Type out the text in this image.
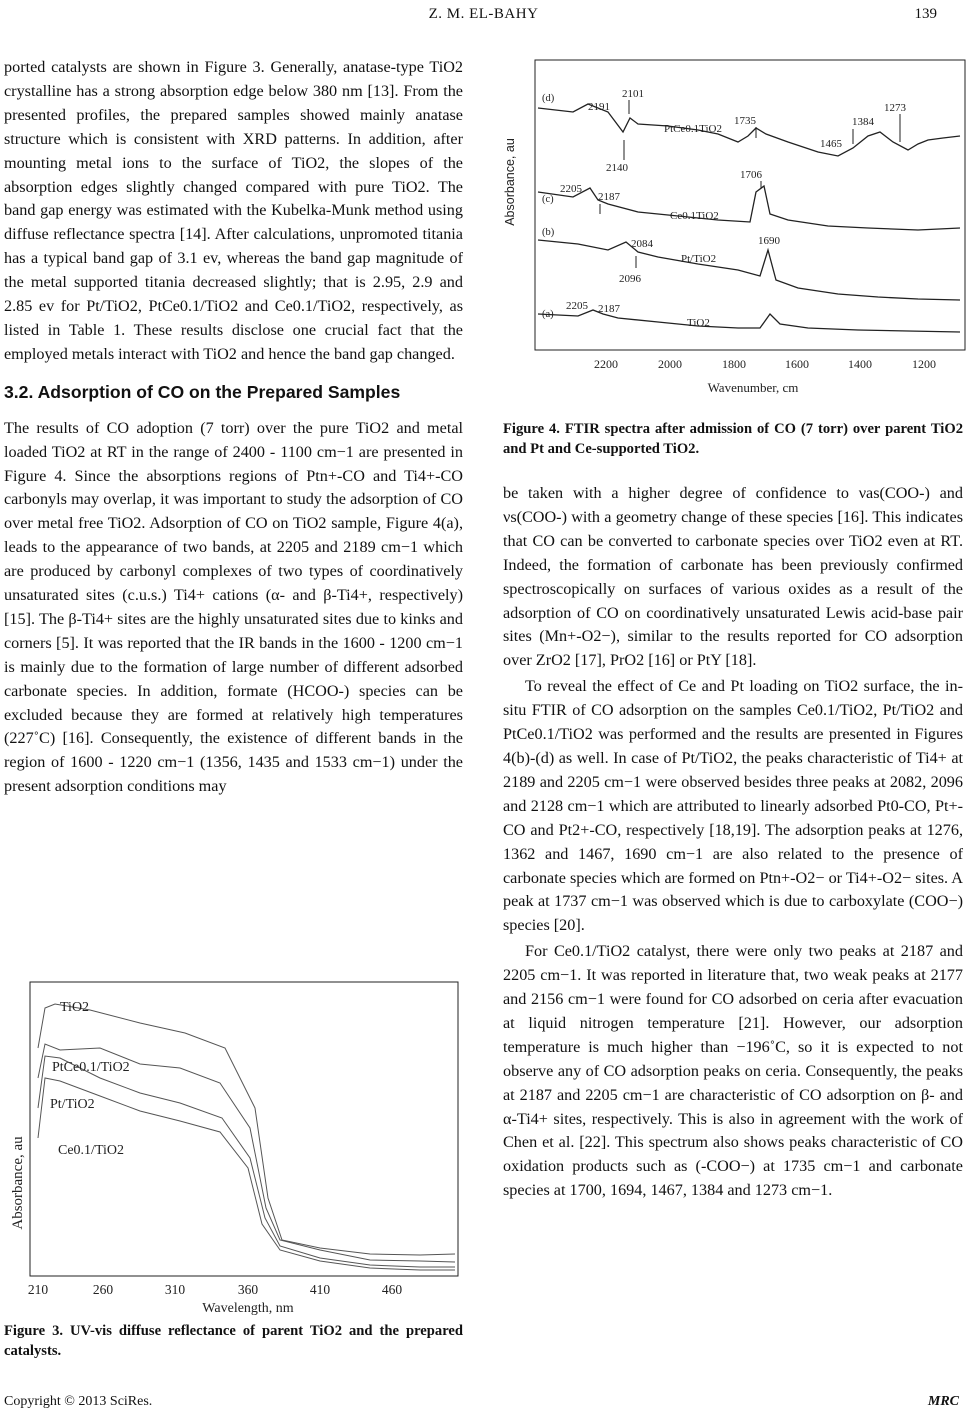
Z. M. EL-BAHY	139

ported catalysts are shown in Figure 3. Generally, anatase-type TiO2 crystalline has a strong absorption edge below 380 nm [13]. From the presented profiles, the prepared samples showed mainly anatase structure which is consistent with XRD patterns. In addition, after mounting metal ions to the surface of TiO2, the slopes of the absorption edges slightly changed compared with pure TiO2. The band gap energy was estimated with the Kubelka-Munk method using diffuse reflectance spectra [14]. After calculations, unpromoted titania has a typical band gap of 3.1 ev, whereas the band gap magnitude of the metal supported titania decreased slightly; that is 2.95, 2.9 and 2.85 ev for Pt/TiO2, PtCe0.1/TiO2 and Ce0.1/TiO2, respectively, as listed in Table 1. These results disclose one crucial fact that the employed metals interact with TiO2 and hence the band gap changed.

3.2. Adsorption of CO on the Prepared Samples

The results of CO adoption (7 torr) over the pure TiO2 and metal loaded TiO2 at RT in the range of 2400 - 1100 cm−1 are presented in Figure 4. Since the absorptions regions of Ptn+-CO and Ti4+-CO carbonyls may overlap, it was important to study the adsorption of CO over metal free TiO2. Adsorption of CO on TiO2 sample, Figure 4(a), leads to the appearance of two bands, at 2205 and 2189 cm−1 which are produced by carbonyl complexes of two types of coordinatively unsaturated sites (c.u.s.) Ti4+ cations (α- and β-Ti4+, respectively) [15]. The β-Ti4+ sites are the highly unsaturated sites due to kinks and corners [5]. It was reported that the IR bands in the 1600 - 1200 cm−1 is mainly due to the formation of large number of different adsorbed carbonate species. In addition, formate (HCOO-) species can be excluded because they are formed at relatively high temperatures (227˚C) [16]. Consequently, the existence of different bands in the region of 1600 - 1220 cm−1 (1356, 1435 and 1533 cm−1) under the present adsorption conditions may

Absorbance, au
210	260	310	360	410	460
Wavelength, nm
TiO2
PtCe0.1/TiO2
Pt/TiO2
Ce0.1/TiO2
Figure 3. UV-vis diffuse reflectance of parent TiO2 and the prepared catalysts.
Absorbance, au
2200	2000	1800	1600	1400	1200
Wavenumber, cm
(d)
(c)
(b)
(a)
PtCe0.1TiO2
Ce0.1TiO2
Pt/TiO2
TiO2
2191
2101
2140
1735
1465
1384
1273
2205
2187
1706
2084
2096
1690
2205 2187
Figure 4. FTIR spectra after admission of CO (7 torr) over parent TiO2 and Pt and Ce-supported TiO2.

be taken with a higher degree of confidence to νas(COO-) and νs(COO-) with a geometry change of these species [16]. This indicates that CO can be converted to carbonate species over TiO2 even at RT. Indeed, the formation of carbonate has been previously confirmed spectroscopically on surfaces of various oxides as a result of the adsorption of CO on coordinatively unsaturated Lewis acid-base pair sites (Mn+-O2−), similar to the results reported for CO adsorption over ZrO2 [17], PrO2 [16] or PtY [18].

To reveal the effect of Ce and Pt loading on TiO2 surface, the in-situ FTIR of CO adsorption on the samples Ce0.1/TiO2, Pt/TiO2 and PtCe0.1/TiO2 was performed and the results are presented in Figures 4(b)-(d) as well. In case of Pt/TiO2, the peaks characteristic of Ti4+ at 2189 and 2205 cm−1 were observed besides three peaks at 2082, 2096 and 2128 cm−1 which are attributed to linearly adsorbed Pt0-CO, Pt+-CO and Pt2+-CO, respectively [18,19]. The adsorption peaks at 1276, 1362 and 1467, 1690 cm−1 are also related to the presence of carbonate species which are formed on Ptn+-O2− or Ti4+-O2− sites. A peak at 1737 cm−1 was observed which is due to carboxylate (COO−) species [20].

For Ce0.1/TiO2 catalyst, there were only two peaks at 2187 and 2205 cm−1. It was reported in literature that, two weak peaks at 2177 and 2156 cm−1 were found for CO adsorbed on ceria after evacuation at liquid nitrogen temperature [21]. However, our adsorption temperature is much higher than −196˚C, so it is expected to not observe any of CO adsorption peaks on ceria. Consequently, the peaks at 2187 and 2205 cm−1 are characteristic of CO adsorption on β- and α-Ti4+ sites, respectively. This is also in agreement with the work of Chen et al. [22]. This spectrum also shows peaks characteristic of CO oxidation products such as (-COO−) at 1735 cm−1 and carbonate species at 1700, 1694, 1467, 1384 and 1273 cm−1.

Copyright © 2013 SciRes.	MRC
